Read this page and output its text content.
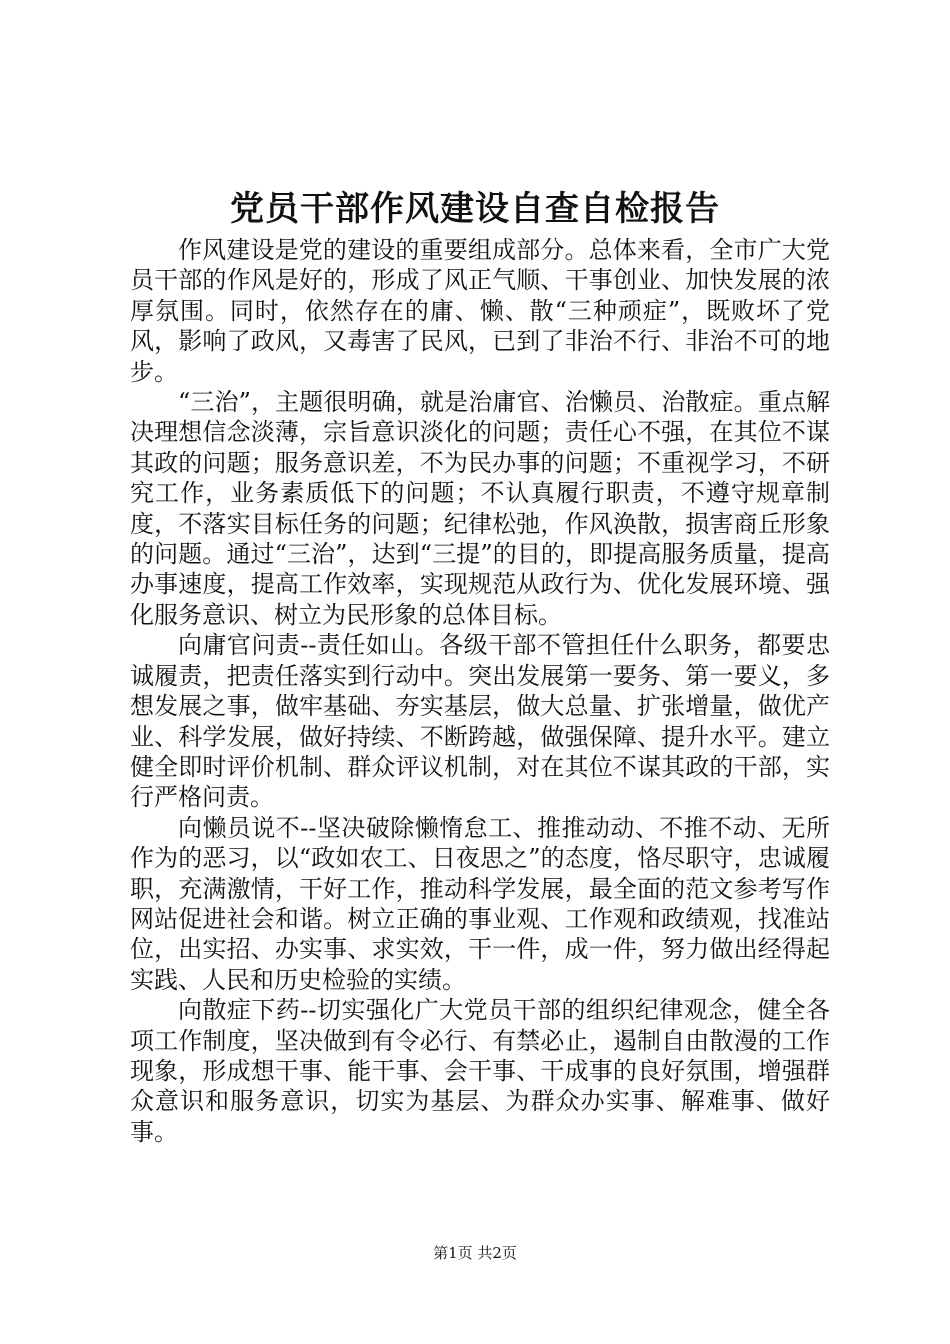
党员干部作风建设自查自检报告

作风建设是党的建设的重要组成部分。总体来看，全市广大党员干部的作风是好的，形成了风正气顺、干事创业、加快发展的浓厚氛围。同时，依然存在的庸、懒、散“三种顽症”，既败坏了党风，影响了政风，又毒害了民风，已到了非治不行、非治不可的地步。

“三治”，主题很明确，就是治庸官、治懒员、治散症。重点解决理想信念淡薄，宗旨意识淡化的问题；责任心不强，在其位不谋其政的问题；服务意识差，不为民办事的问题；不重视学习，不研究工作，业务素质低下的问题；不认真履行职责，不遵守规章制度，不落实目标任务的问题；纪律松弛，作风涣散，损害商丘形象的问题。通过“三治”，达到“三提”的目的，即提高服务质量，提高办事速度，提高工作效率，实现规范从政行为、优化发展环境、强化服务意识、树立为民形象的总体目标。

向庸官问责--责任如山。各级干部不管担任什么职务，都要忠诚履责，把责任落实到行动中。突出发展第一要务、第一要义，多想发展之事，做牢基础、夯实基层，做大总量、扩张增量，做优产业、科学发展，做好持续、不断跨越，做强保障、提升水平。建立健全即时评价机制、群众评议机制，对在其位不谋其政的干部，实行严格问责。

向懒员说不--坚决破除懒惰怠工、推推动动、不推不动、无所作为的恶习，以“政如农工、日夜思之”的态度，恪尽职守，忠诚履职，充满激情，干好工作，推动科学发展，最全面的范文参考写作网站促进社会和谐。树立正确的事业观、工作观和政绩观，找准站位，出实招、办实事、求实效，干一件，成一件，努力做出经得起实践、人民和历史检验的实绩。

向散症下药--切实强化广大党员干部的组织纪律观念，健全各项工作制度，坚决做到有令必行、有禁必止，遏制自由散漫的工作现象，形成想干事、能干事、会干事、干成事的良好氛围，增强群众意识和服务意识，切实为基层、为群众办实事、解难事、做好事。

第1页 共2页
